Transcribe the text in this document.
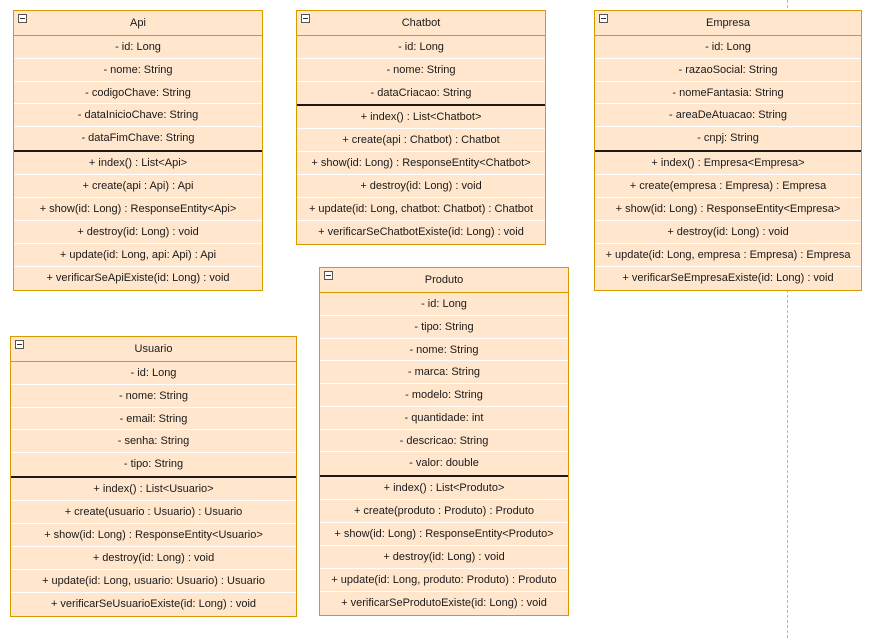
Api
- id: Long
- nome: String
- codigoChave: String
- dataInicioChave: String
- dataFimChave: String
+ index() : List<Api>
+ create(api : Api) : Api
+ show(id: Long) : ResponseEntity<Api>
+ destroy(id: Long) : void
+ update(id: Long, api: Api) : Api
+ verificarSeApiExiste(id: Long) : void
Chatbot
- id: Long
- nome: String
- dataCriacao: String
+ index() : List<Chatbot>
+ create(api : Chatbot) : Chatbot
+ show(id: Long) : ResponseEntity<Chatbot>
+ destroy(id: Long) : void
+ update(id: Long, chatbot: Chatbot) : Chatbot
+ verificarSeChatbotExiste(id: Long) : void
Empresa
- id: Long
- razaoSocial: String
- nomeFantasia: String
- areaDeAtuacao: String
- cnpj: String
+ index() : Empresa<Empresa>
+ create(empresa : Empresa) : Empresa
+ show(id: Long) : ResponseEntity<Empresa>
+ destroy(id: Long) : void
+ update(id: Long, empresa : Empresa) : Empresa
+ verificarSeEmpresaExiste(id: Long) : void
Usuario
- id: Long
- nome: String
- email: String
- senha: String
- tipo: String
+ index() : List<Usuario>
+ create(usuario : Usuario) : Usuario
+ show(id: Long) : ResponseEntity<Usuario>
+ destroy(id: Long) : void
+ update(id: Long, usuario: Usuario) : Usuario
+ verificarSeUsuarioExiste(id: Long) : void
Produto
- id: Long
- tipo: String
- nome: String
- marca: String
- modelo: String
- quantidade: int
- descricao: String
- valor: double
+ index() : List<Produto>
+ create(produto : Produto) : Produto
+ show(id: Long) : ResponseEntity<Produto>
+ destroy(id: Long) : void
+ update(id: Long, produto: Produto) : Produto
+ verificarSeProdutoExiste(id: Long) : void
